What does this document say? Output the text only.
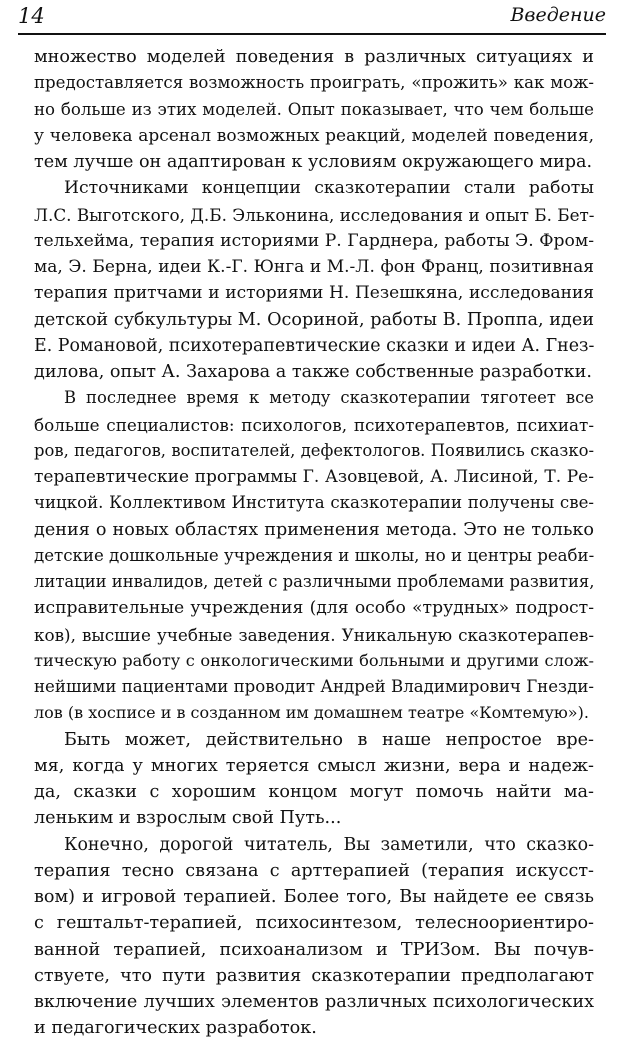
14	Введение
множество моделей поведения в различных ситуациях и
предоставляется возможность проиграть, «прожить» как мож-
но больше из этих моделей. Опыт показывает, что чем больше
у человека арсенал возможных реакций, моделей поведения,
тем лучше он адаптирован к условиям окружающего мира.
Источниками концепции сказкотерапии стали работы
Л.С. Выготского, Д.Б. Эльконина, исследования и опыт Б. Бет-
тельхейма, терапия историями Р. Гарднера, работы Э. Фром-
ма, Э. Берна, идеи К.-Г. Юнга и М.-Л. фон Франц, позитивная
терапия притчами и историями Н. Пезешкяна, исследования
детской субкультуры М. Осориной, работы В. Проппа, идеи
Е. Романовой, психотерапевтические сказки и идеи А. Гнез-
дилова, опыт А. Захарова а также собственные разработки.
В последнее время к методу сказкотерапии тяготеет все
больше специалистов: психологов, психотерапевтов, психиат-
ров, педагогов, воспитателей, дефектологов. Появились сказко-
терапевтические программы Г. Азовцевой, А. Лисиной, Т. Ре-
чицкой. Коллективом Института сказкотерапии получены све-
дения о новых областях применения метода. Это не только
детские дошкольные учреждения и школы, но и центры реаби-
литации инвалидов, детей с различными проблемами развития,
исправительные учреждения (для особо «трудных» подрост-
ков), высшие учебные заведения. Уникальную сказкотерапев-
тическую работу с онкологическими больными и другими слож-
нейшими пациентами проводит Андрей Владимирович Гнезди-
лов (в хосписе и в созданном им домашнем театре «Комтемую»).
Быть может, действительно в наше непростое вре-
мя, когда у многих теряется смысл жизни, вера и надеж-
да, сказки с хорошим концом могут помочь найти ма-
леньким и взрослым свой Путь...
Конечно, дорогой читатель, Вы заметили, что сказко-
терапия тесно связана с арттерапией (терапия искусст-
вом) и игровой терапией. Более того, Вы найдете ее связь
с гештальт-терапией, психосинтезом, телесноориентиро-
ванной терапией, психоанализом и ТРИЗом. Вы почув-
ствуете, что пути развития сказкотерапии предполагают
включение лучших элементов различных психологических
и педагогических разработок.
